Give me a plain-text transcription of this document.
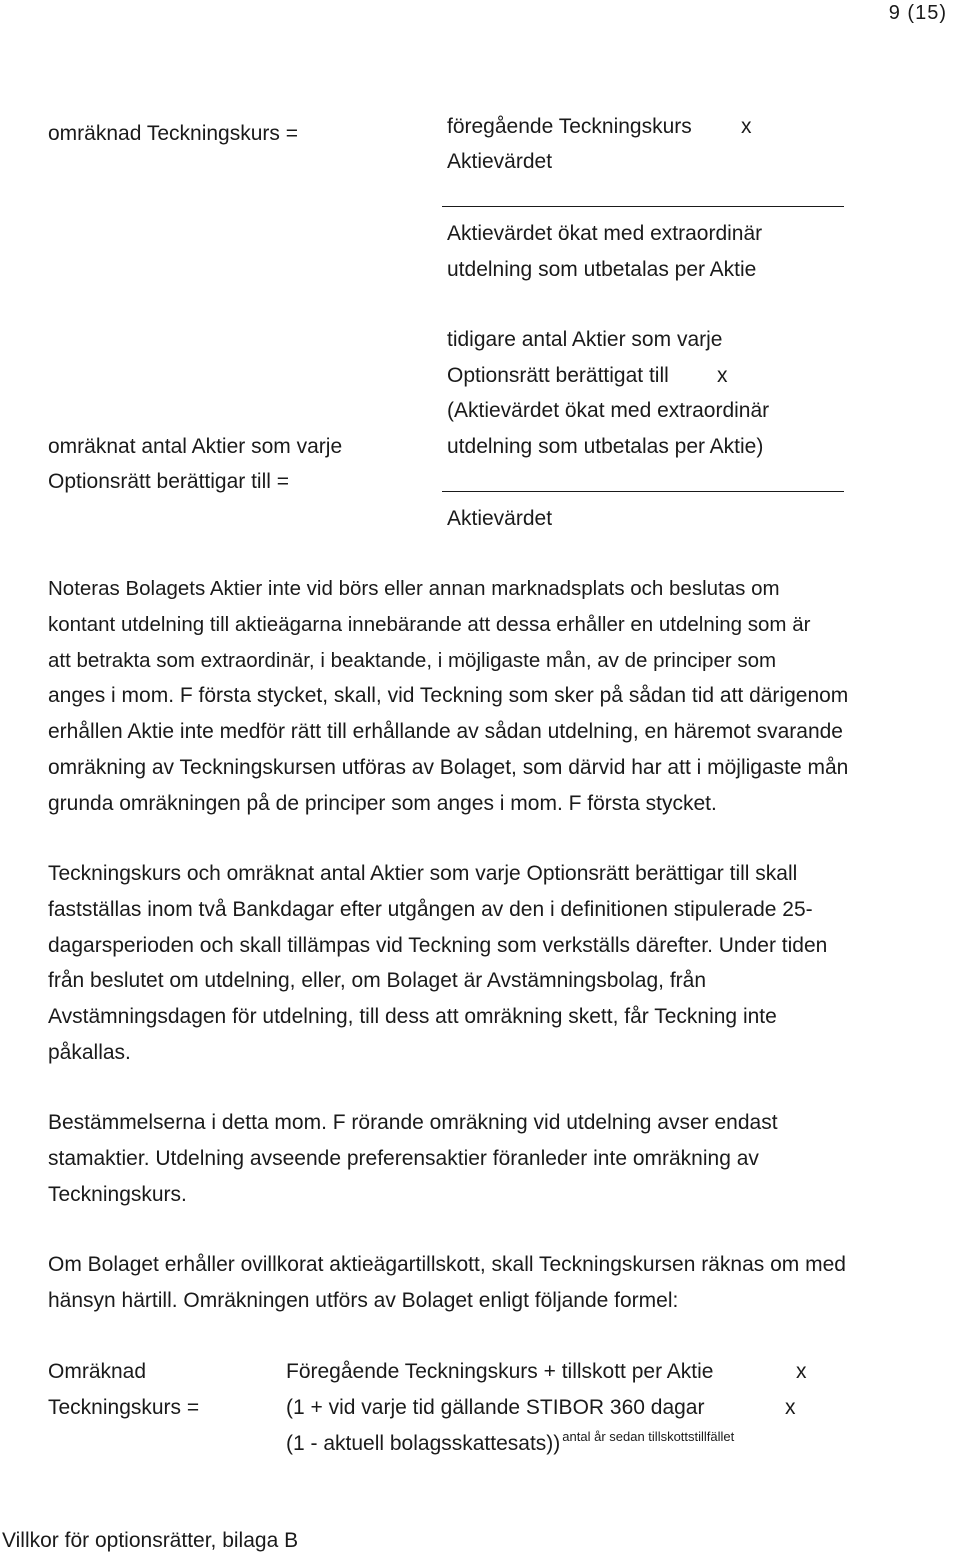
9 (15)
omräknad Teckningskurs =	föregående Teckningskurs x
Aktievärdet
Aktievärdet ökat med extraordinär
utdelning som utbetalas per Aktie
omräknat antal Aktier som varje
Optionsrätt berättigar till =
tidigare antal Aktier som varje
Optionsrätt berättigat till x
(Aktievärdet ökat med extraordinär
utdelning som utbetalas per Aktie)
Aktievärdet
Noteras Bolagets Aktier inte vid börs eller annan marknadsplats och beslutas om
kontant utdelning till aktieägarna innebärande att dessa erhåller en utdelning som är
att betrakta som extraordinär, i beaktande, i möjligaste mån, av de principer som
anges i mom. F första stycket, skall, vid Teckning som sker på sådan tid att därigenom
erhållen Aktie inte medför rätt till erhållande av sådan utdelning, en häremot svarande
omräkning av Teckningskursen utföras av Bolaget, som därvid har att i möjligaste mån
grunda omräkningen på de principer som anges i mom. F första stycket.
Teckningskurs och omräknat antal Aktier som varje Optionsrätt berättigar till skall
fastställas inom två Bankdagar efter utgången av den i definitionen stipulerade 25-
dagarsperioden och skall tillämpas vid Teckning som verkställs därefter. Under tiden
från beslutet om utdelning, eller, om Bolaget är Avstämningsbolag, från
Avstämningsdagen för utdelning, till dess att omräkning skett, får Teckning inte
påkallas.
Bestämmelserna i detta mom. F rörande omräkning vid utdelning avser endast
stamaktier. Utdelning avseende preferensaktier föranleder inte omräkning av
Teckningskurs.
Om Bolaget erhåller ovillkorat aktieägartillskott, skall Teckningskursen räknas om med
hänsyn härtill. Omräkningen utförs av Bolaget enligt följande formel:
Omräknad
Teckningskurs =
Föregående Teckningskurs + tillskott per Aktie	x
(1 + vid varje tid gällande STIBOR 360 dagar	x
(1 - aktuell bolagsskattesats)) $^{antal år sedan tillskottstillfället}$
Villkor för optionsrätter, bilaga B
